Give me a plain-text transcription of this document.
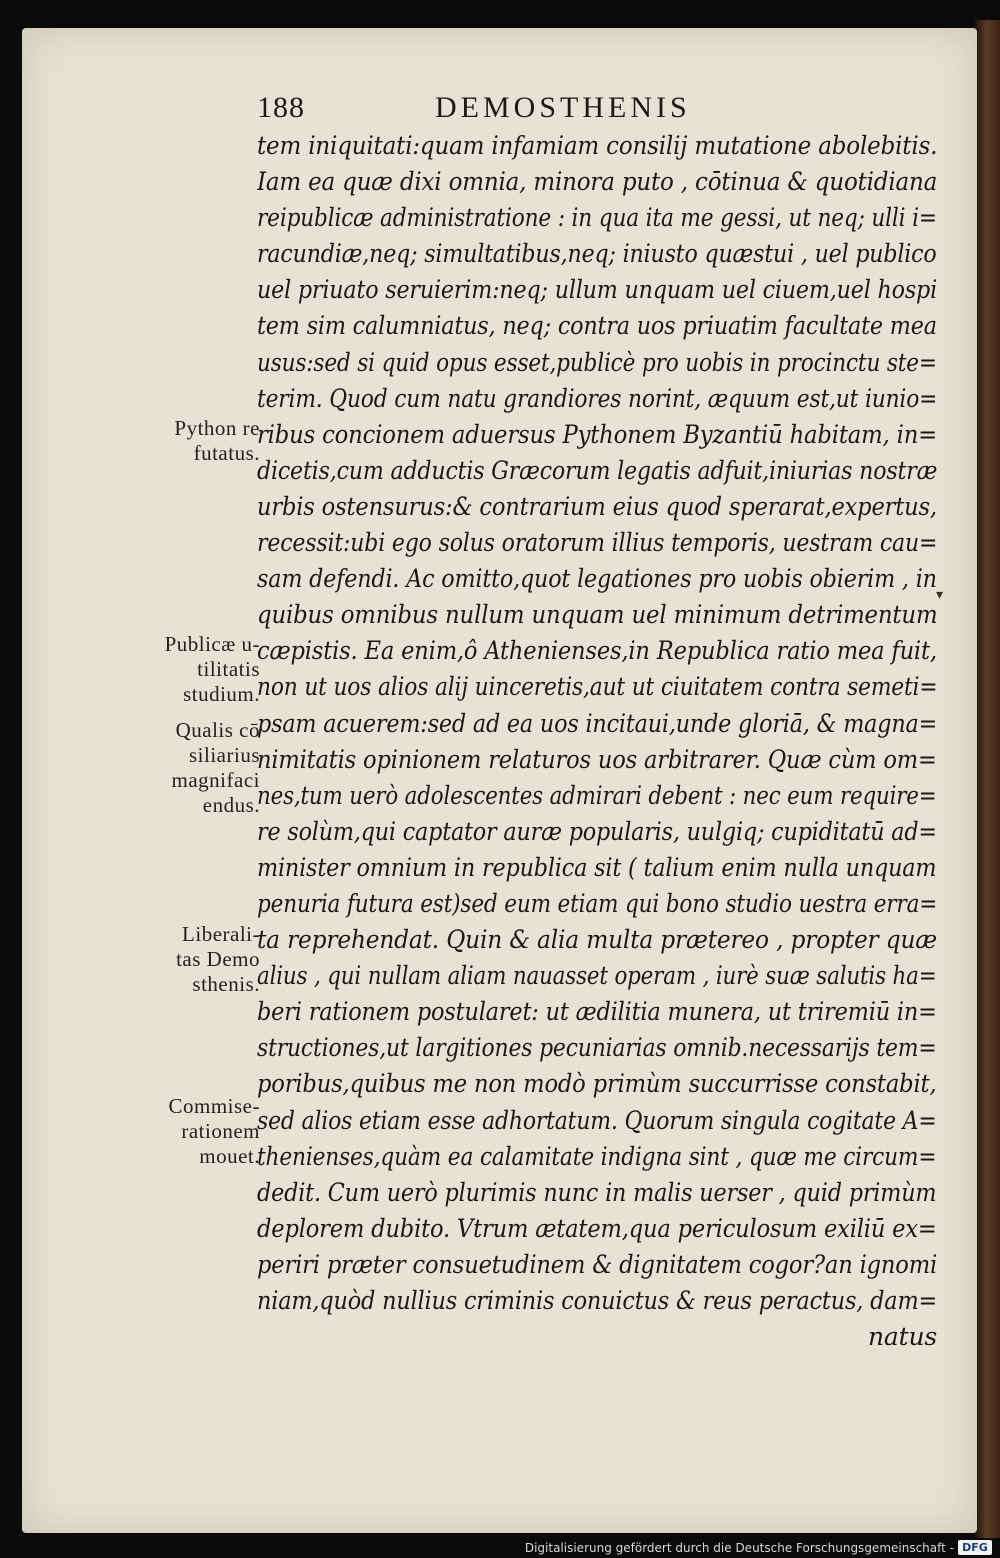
188	DEMOSTHENIS
tem iniquitati:quam infamiam consilij mutatione abolebitis.
Iam ea quæ dixi omnia, minora puto , cōtinua & quotidiana
reipublicæ administratione : in qua ita me gessi, ut neq; ulli i=
racundiæ,neq; simultatibus,neq; iniusto quæstui , uel publico
uel priuato seruierim:neq; ullum unquam uel ciuem,uel hospi
tem sim calumniatus, neq; contra uos priuatim facultate mea
usus:sed si quid opus esset,publicè pro uobis in procinctu ste=
terim. Quod cum natu grandiores norint, æquum est,ut iunio=
ribus concionem aduersus Pythonem Byzantiū habitam, in=
dicetis,cum adductis Græcorum legatis adfuit,iniurias nostræ
urbis ostensurus:& contrarium eius quod sperarat,expertus,
recessit:ubi ego solus oratorum illius temporis, uestram cau=
sam defendi. Ac omitto,quot legationes pro uobis obierim , in
quibus omnibus nullum unquam uel minimum detrimentum
cæpistis. Ea enim,ô Athenienses,in Republica ratio mea fuit,
non ut uos alios alij uinceretis,aut ut ciuitatem contra semeti=
psam acuerem:sed ad ea uos incitaui,unde gloriā, & magna=
nimitatis opinionem relaturos uos arbitrarer. Quæ cùm om=
nes,tum uerò adolescentes admirari debent : nec eum require=
re solùm,qui captator auræ popularis, uulgiq; cupiditatū ad=
minister omnium in republica sit ( talium enim nulla unquam
penuria futura est)sed eum etiam qui bono studio uestra erra=
ta reprehendat. Quin & alia multa prætereo , propter quæ
alius , qui nullam aliam nauasset operam , iurè suæ salutis ha=
beri rationem postularet: ut ædilitia munera, ut triremiū in=
structiones,ut largitiones pecuniarias omnib.necessarijs tem=
poribus,quibus me non modò primùm succurrisse constabit,
sed alios etiam esse adhortatum. Quorum singula cogitate A=
thenienses,quàm ea calamitate indigna sint , quæ me circum=
dedit. Cum uerò plurimis nunc in malis uerser , quid primùm
deplorem dubito. Vtrum ætatem,qua periculosum exiliū ex=
periri præter consuetudinem & dignitatem cogor?an ignomi
niam,quòd nullius criminis conuictus & reus peractus, dam=
natus
Python re
futatus.
Publicæ u-
tilitatis
studium.
Qualis cō
siliarius
magnifaci
endus.
Liberali-
tas Demo
sthenis.
Commise-
rationem
mouet.
▾
Digitalisierung gefördert durch die Deutsche Forschungsgemeinschaft - DFG
